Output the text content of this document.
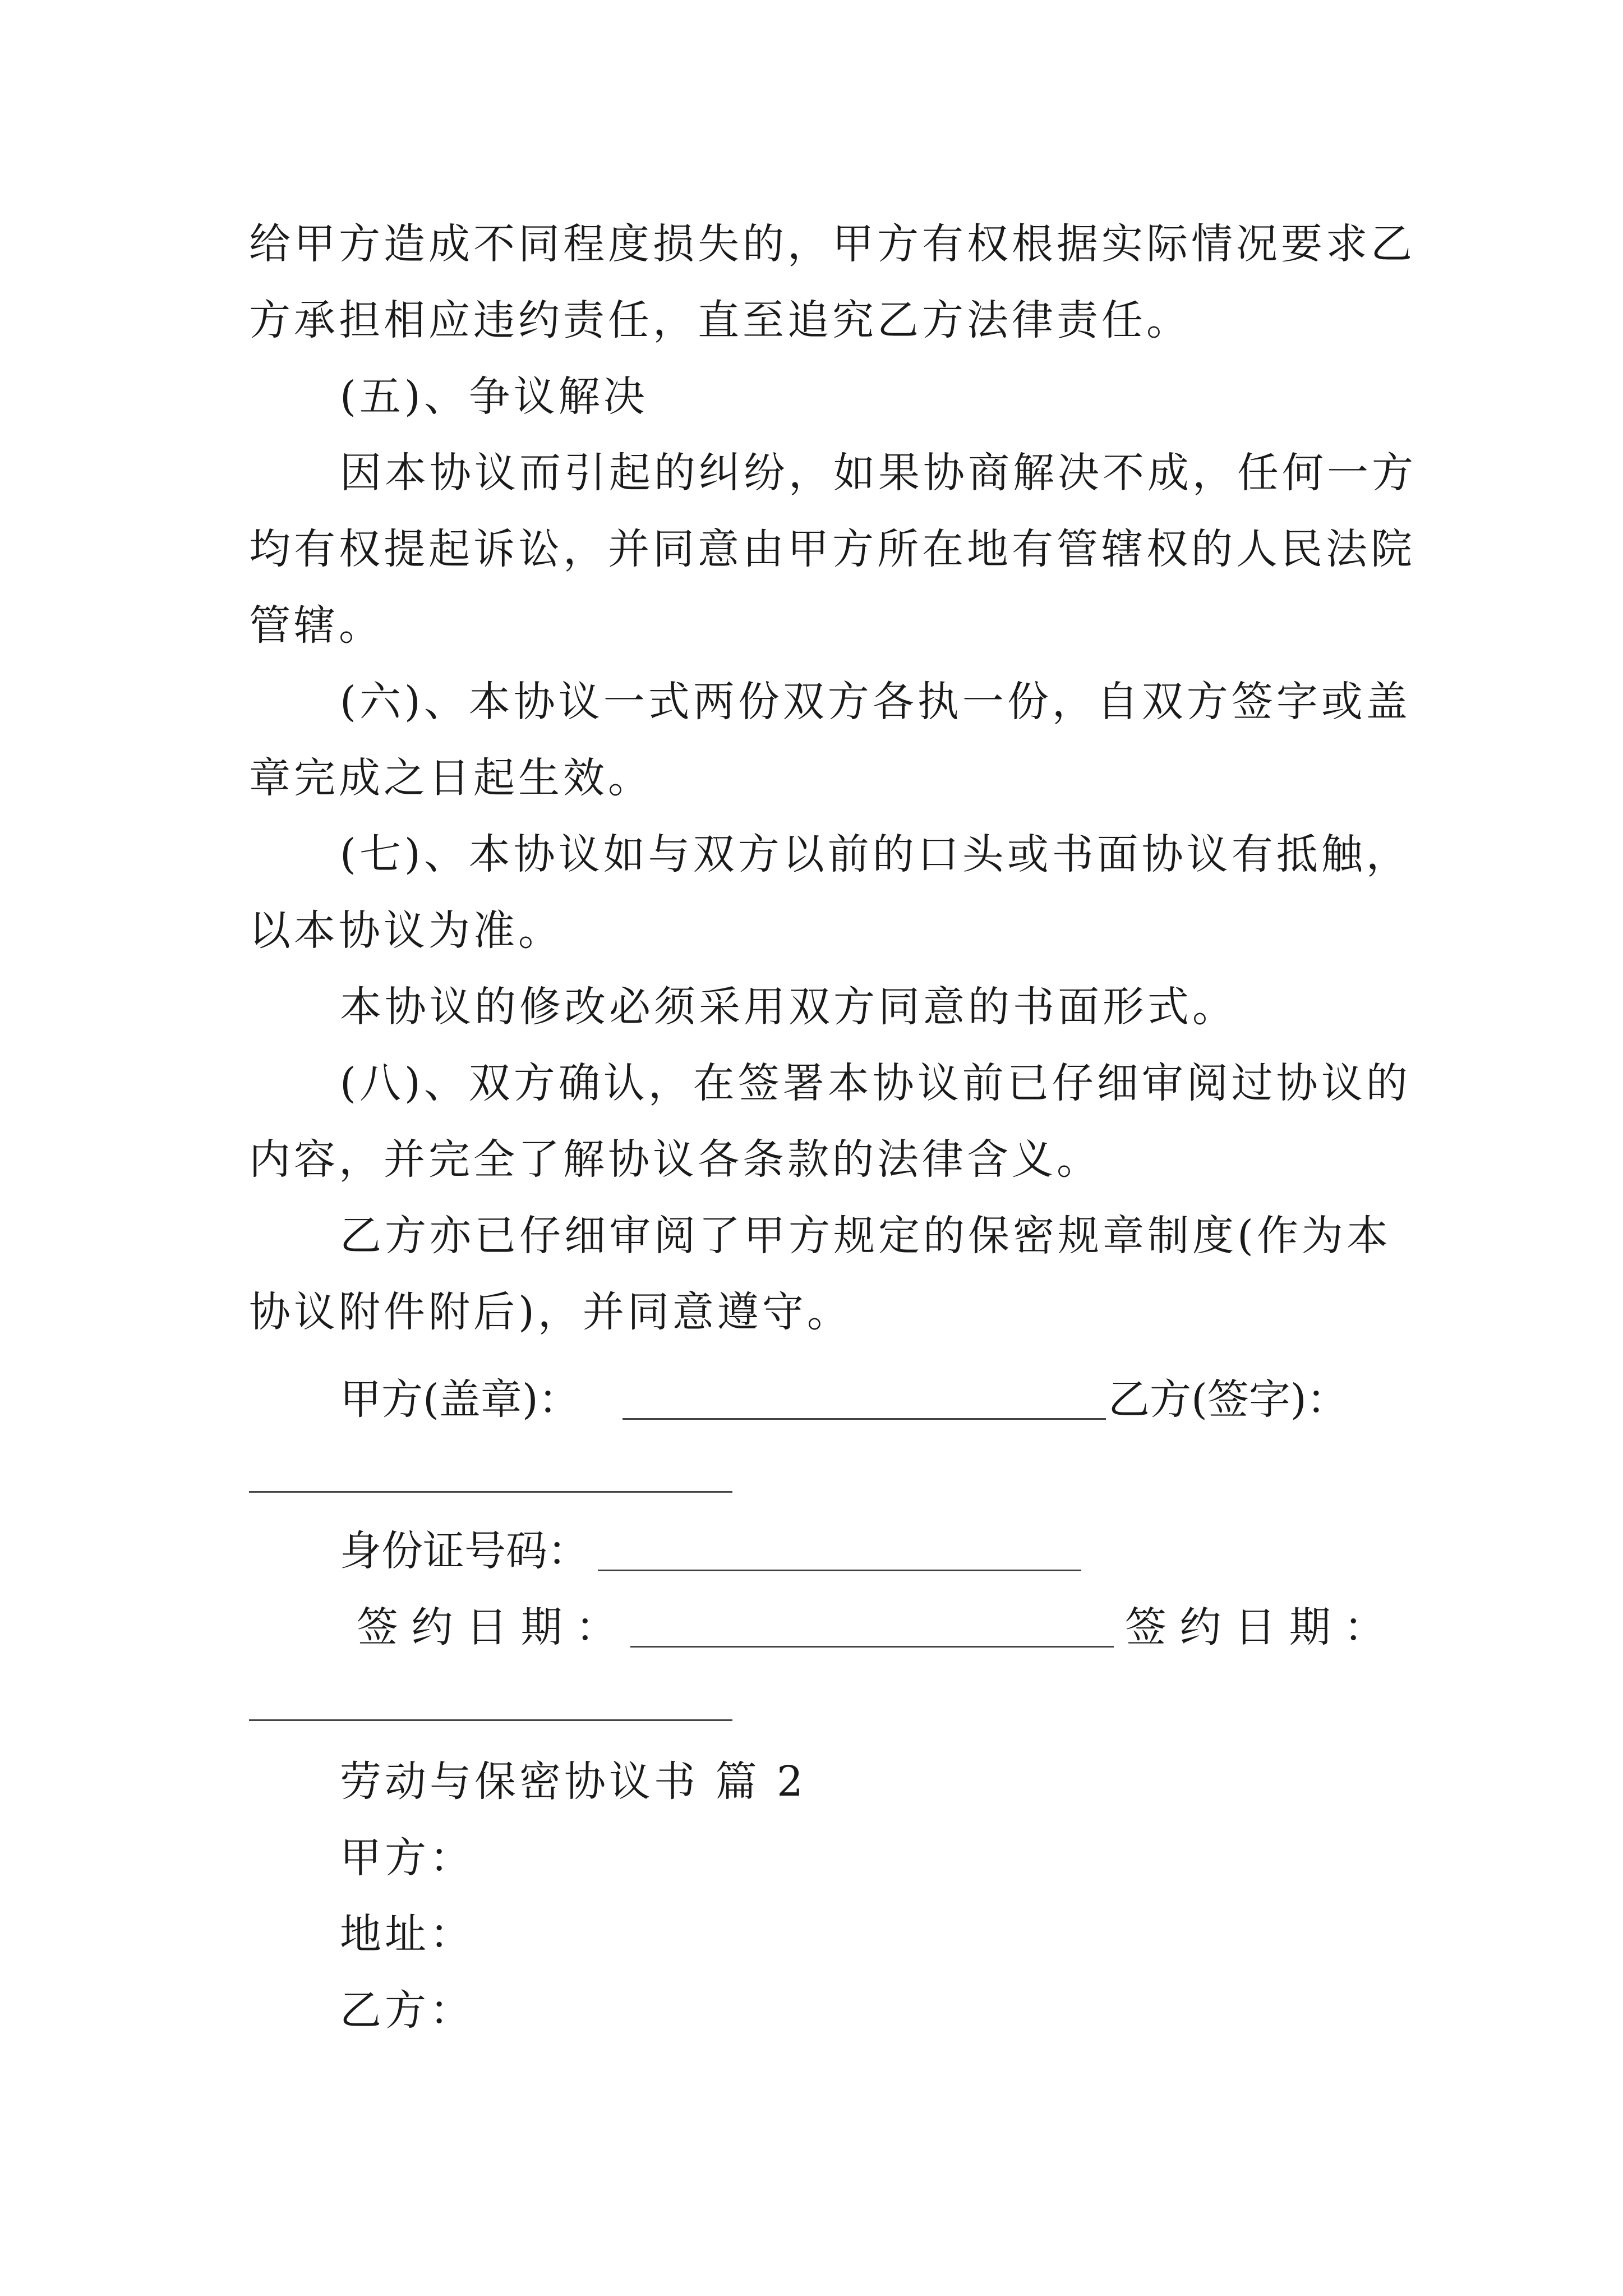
给甲方造成不同程度损失的，甲方有权根据实际情况要求乙
方承担相应违约责任，直至追究乙方法律责任。
(五)、争议解决
因本协议而引起的纠纷，如果协商解决不成，任何一方
均有权提起诉讼，并同意由甲方所在地有管辖权的人民法院
管辖。
(六)、本协议一式两份双方各执一份，自双方签字或盖
章完成之日起生效。
(七)、本协议如与双方以前的口头或书面协议有抵触，
以本协议为准。
本协议的修改必须采用双方同意的书面形式。
(八)、双方确认，在签署本协议前已仔细审阅过协议的
内容，并完全了解协议各条款的法律含义。
乙方亦已仔细审阅了甲方规定的保密规章制度(作为本
协议附件附后)，并同意遵守。
甲方(盖章)：	乙方(签字)：
身份证号码：
签 约 日 期 ：	签 约 日 期 ：
劳动与保密协议书 篇 2
甲方：
地址：
乙方：
